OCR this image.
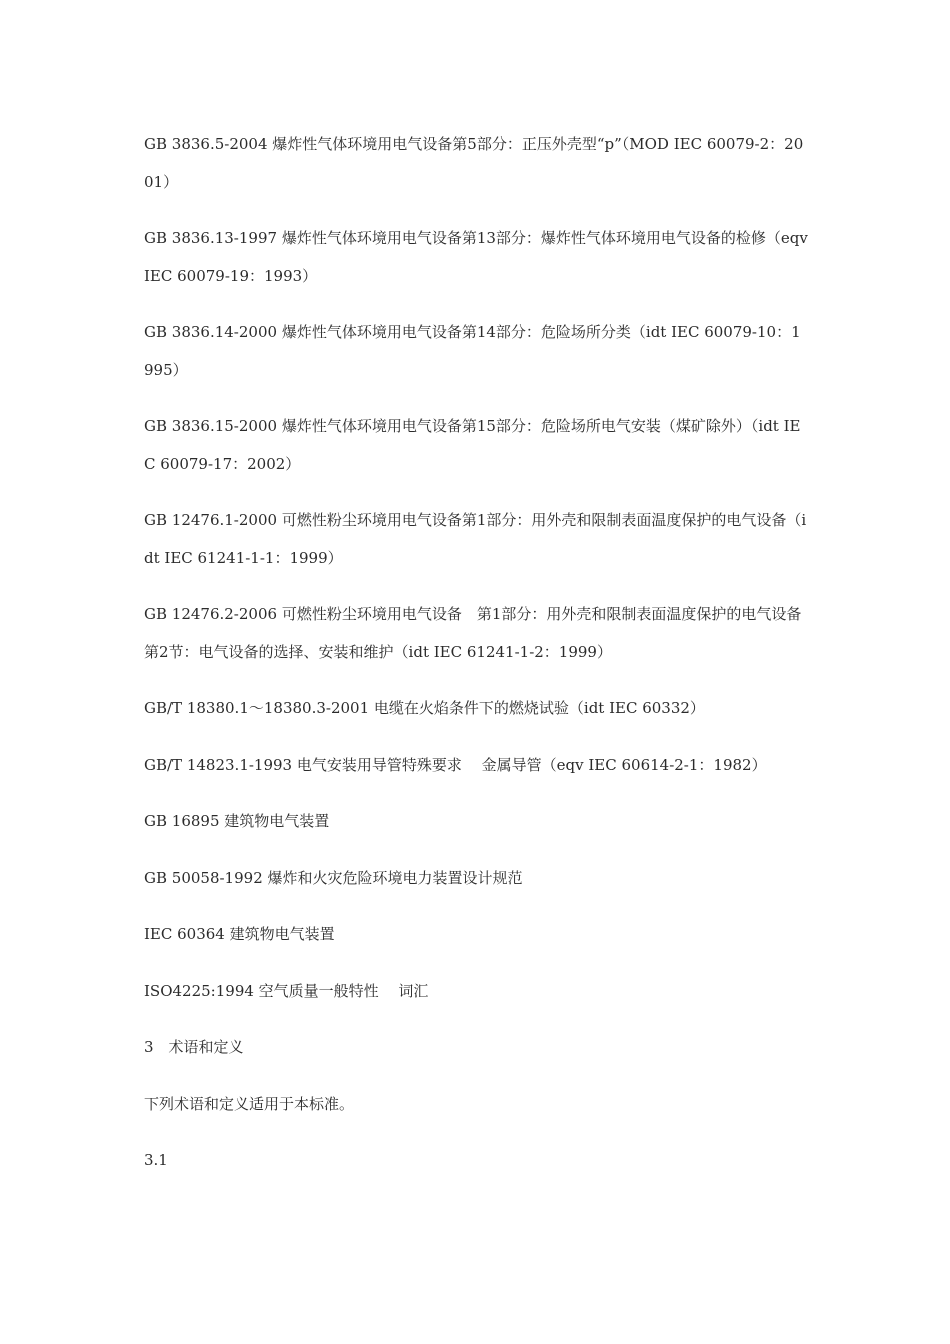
GB 3836.5-2004 爆炸性气体环境用电气设备第5部分：正压外壳型“p”（MOD IEC 60079-2：2001）

GB 3836.13-1997 爆炸性气体环境用电气设备第13部分：爆炸性气体环境用电气设备的检修（eqv IEC 60079-19：1993）

GB 3836.14-2000 爆炸性气体环境用电气设备第14部分：危险场所分类（idt IEC 60079-10：1995）

GB 3836.15-2000 爆炸性气体环境用电气设备第15部分：危险场所电气安装（煤矿除外）（idt IEC 60079-17：2002）

GB 12476.1-2000 可燃性粉尘环境用电气设备第1部分：用外壳和限制表面温度保护的电气设备（idt IEC 61241-1-1：1999）

GB 12476.2-2006 可燃性粉尘环境用电气设备　第1部分：用外壳和限制表面温度保护的电气设备　第2节：电气设备的选择、安装和维护（idt IEC 61241-1-2：1999）

GB/T 18380.1～18380.3-2001 电缆在火焰条件下的燃烧试验（idt IEC 60332）

GB/T 14823.1-1993 电气安装用导管特殊要求　 金属导管（eqv IEC 60614-2-1：1982）

GB 16895 建筑物电气装置

GB 50058-1992 爆炸和火灾危险环境电力装置设计规范

IEC 60364 建筑物电气装置

ISO4225:1994 空气质量一般特性　 词汇

3　术语和定义

下列术语和定义适用于本标准。

3.1
